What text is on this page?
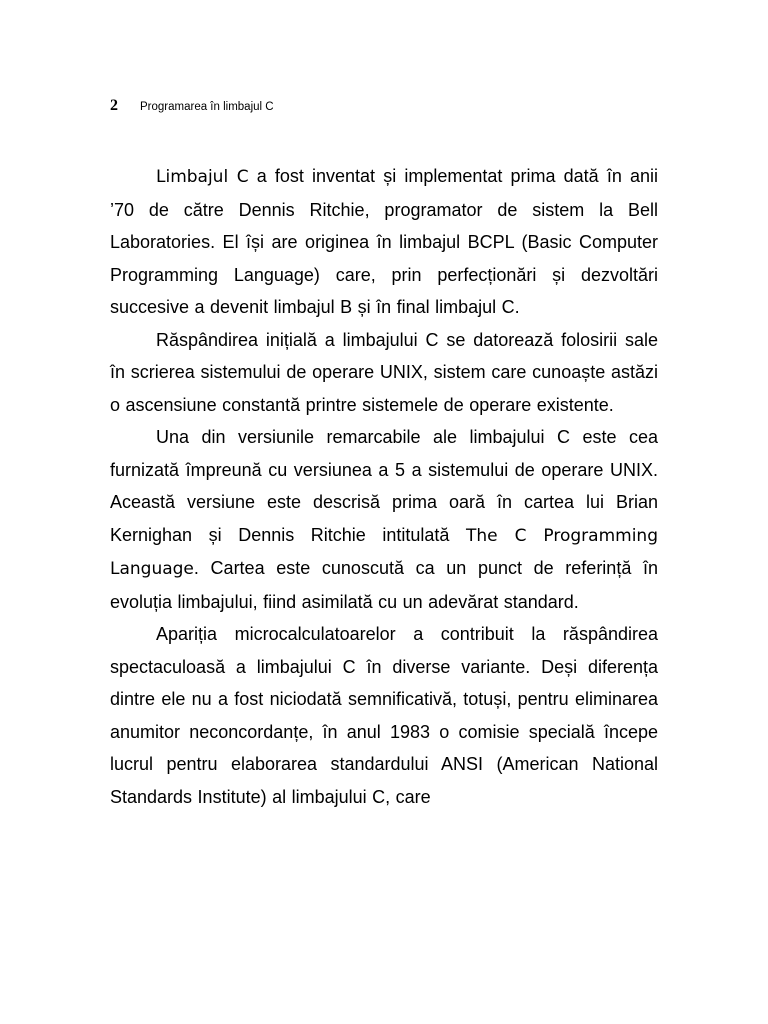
2 Programarea în limbajul C

Limbajul C a fost inventat și implementat prima dată în anii ’70 de către Dennis Ritchie, programator de sistem la Bell Laboratories. El își are originea în limbajul BCPL (Basic Computer Programming Language) care, prin perfecționări și dezvoltări succesive a devenit limbajul B și în final limbajul C.

Răspândirea inițială a limbajului C se datorează folosirii sale în scrierea sistemului de operare UNIX, sistem care cunoaște astăzi o ascensiune constantă printre sistemele de operare existente.

Una din versiunile remarcabile ale limbajului C este cea furnizată împreună cu versiunea a 5 a sistemului de operare UNIX. Această versiune este descrisă prima oară în cartea lui Brian Kernighan și Dennis Ritchie intitulată The C Programming Language. Cartea este cunoscută ca un punct de referință în evoluția limbajului, fiind asimilată cu un adevărat standard.

Apariția microcalculatoarelor a contribuit la răspândirea spectaculoasă a limbajului C în diverse variante. Deși diferența dintre ele nu a fost niciodată semnificativă, totuși, pentru eliminarea anumitor neconcordanțe, în anul 1983 o comisie specială începe lucrul pentru elaborarea standardului ANSI (American National Standards Institute) al limbajului C, care
